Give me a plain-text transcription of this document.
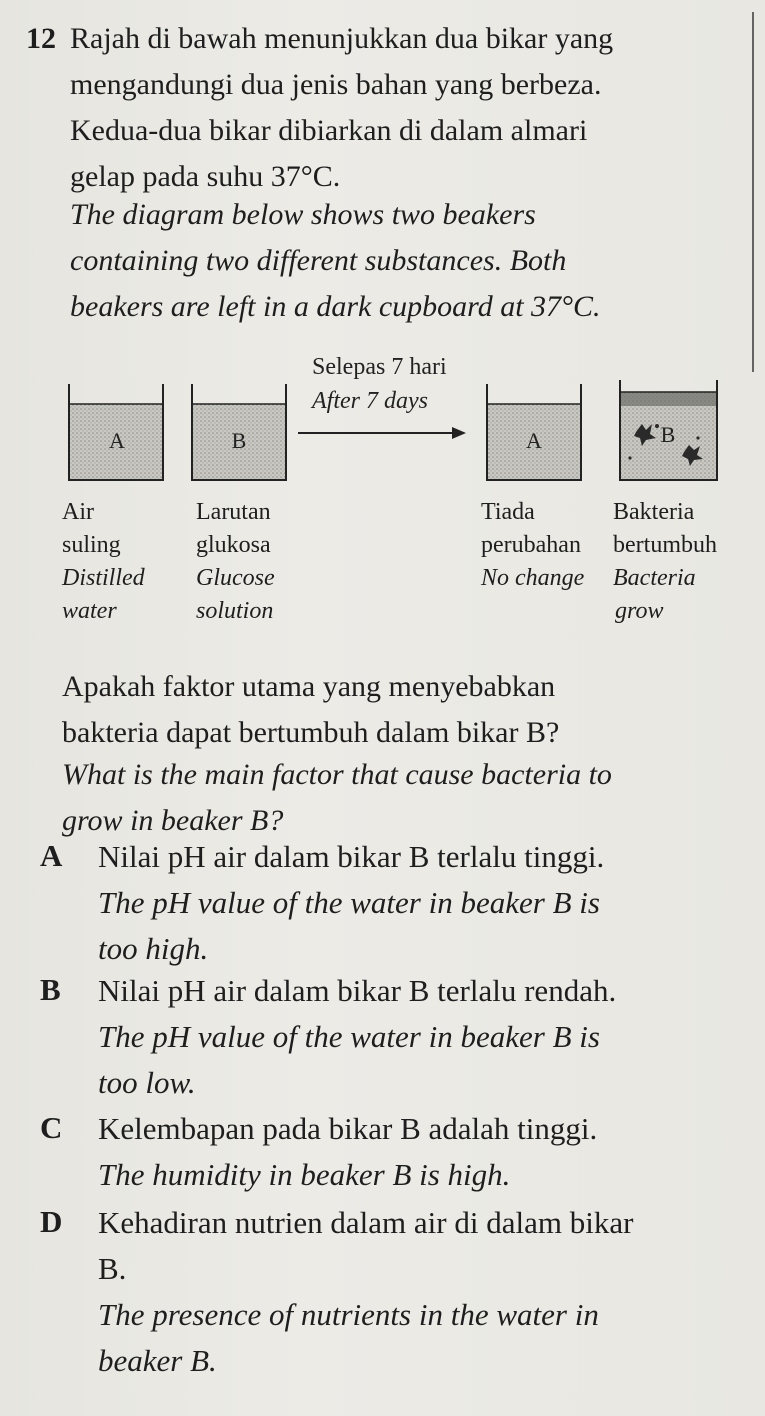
12 Rajah di bawah menunjukkan dua bikar yang
mengandungi dua jenis bahan yang berbeza.
Kedua-dua bikar dibiarkan di dalam almari
gelap pada suhu 37°C.
The diagram below shows two beakers
containing two different substances. Both
beakers are left in a dark cupboard at 37°C.
A	B
Selepas 7 hari
After 7 days
A	B
Air
suling
Distilled
water
Larutan
glukosa
Glucose
solution
Tiada
perubahan
No change
Bakteria
bertumbuh
Bacteria
grow
Apakah faktor utama yang menyebabkan
bakteria dapat bertumbuh dalam bikar B?
What is the main factor that cause bacteria to
grow in beaker B?
A Nilai pH air dalam bikar B terlalu tinggi.
The pH value of the water in beaker B is
too high.
B Nilai pH air dalam bikar B terlalu rendah.
The pH value of the water in beaker B is
too low.
C Kelembapan pada bikar B adalah tinggi.
The humidity in beaker B is high.
D Kehadiran nutrien dalam air di dalam bikar
B.
The presence of nutrients in the water in
beaker B.
